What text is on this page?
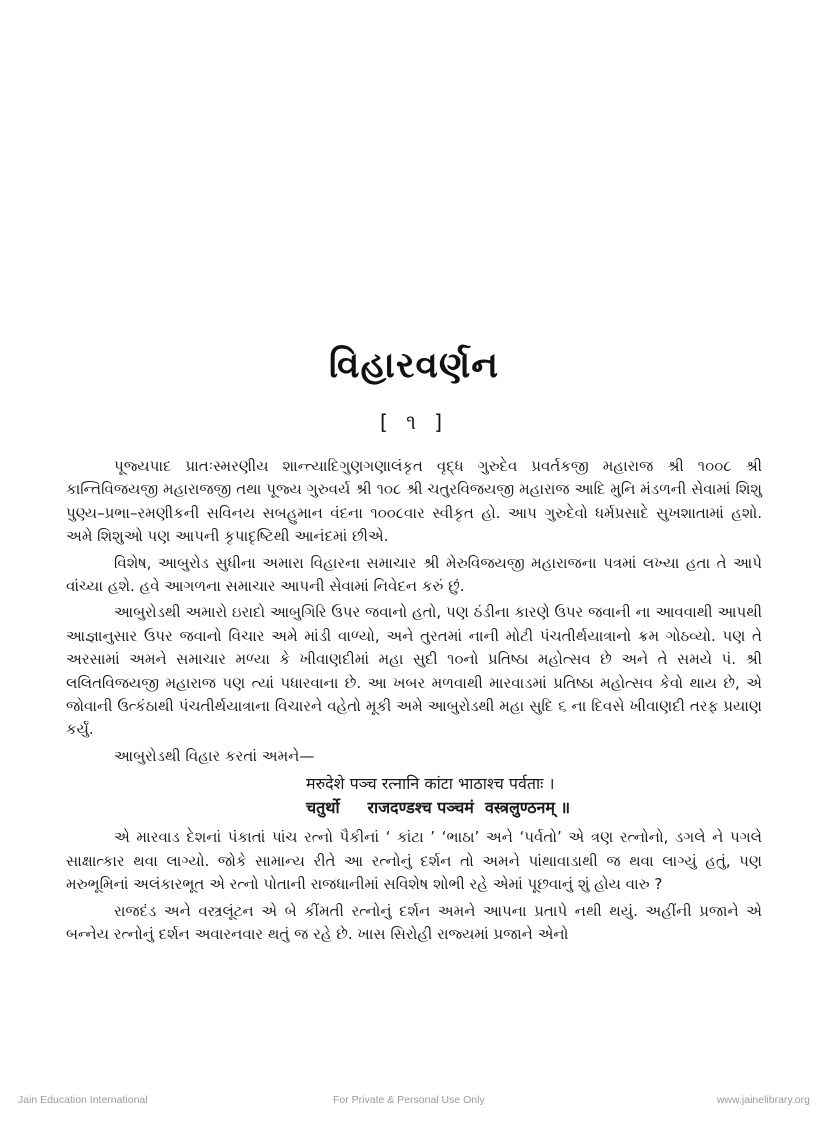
વિહારવર્ણન
[ ૧ ]

પૂજ્યપાદ પ્રાતઃસ્મરણીય શાન્ત્યાદિગુણગણાલંકૃત વૃદ્ધ ગુરુદેવ પ્રવર્તકજી મહારાજ શ્રી ૧૦૦૮ શ્રી કાન્તિવિજયજી મહારાજજી તથા પૂજ્ય ગુરુવર્ય શ્રી ૧૦૮ શ્રી ચતુરવિજયજી મહારાજ આદિ મુનિ મંડળની સેવામાં શિશુ પુણ્ય–પ્રભા–રમણીકની સવિનય સબહુમાન વંદના ૧૦૦૮વાર સ્વીકૃત હો. આપ ગુરુદેવો ધર્મપ્રસાદે સુખશાતામાં હશો. અમે શિશુઓ પણ આપની કૃપાદૃષ્ટિથી આનંદમાં છીએ.

વિશેષ, આબુરોડ સુધીના અમારા વિહારના સમાચાર શ્રી મેરુવિજયજી મહારાજના પત્રમાં લખ્યા હતા તે આપે વાંચ્યા હશે. હવે આગળના સમાચાર આપની સેવામાં નિવેદન કરું છું.

આબુરોડથી અમારો ઇરાદો આબુગિરિ ઉપર જવાનો હતો, પણ ઠંડીના કારણે ઉપર જવાની ના આવવાથી આપથી આજ્ઞાનુસાર ઉપર જવાનો વિચાર અમે માંડી વાળ્યો, અને તુરતમાં નાની મોટી પંચતીર્થયાત્રાનો ક્રમ ગોઠવ્યો. પણ તે અરસામાં અમને સમાચાર મળ્યા કે ખીવાણદીમાં મહા સુદી ૧૦નો પ્રતિષ્ઠા મહોત્સવ છે અને તે સમયે પં. શ્રી લલિતવિજયજી મહારાજ પણ ત્યાં પધારવાના છે. આ ખબર મળવાથી મારવાડમાં પ્રતિષ્ઠા મહોત્સવ કેવો થાય છે, એ જોવાની ઉત્કંઠાથી પંચતીર્થયાત્રાના વિચારને વહેતો મૂકી અમે આબુરોડથી મહા સુદિ ૬ ના દિવસે ખીવાણદી તરફ પ્રયાણ કર્યું.

આબુરોડથી વિહાર કરતાં અમને—

मरुदेशे पञ्च रत्नानि कांटा भाठाश्च पर्वताः ।
चतुर्थो     राजदण्डश्च पञ्चमं  वस्त्रलुण्ठनम् ॥

એ મારવાડ દેશનાં પંકાતાં પાંચ રત્નો પૈકીનાં ‘ કાંટા ’ ‘ભાઠા’ અને ‘પર્વતો’ એ ત્રણ રત્નોનો, ડગલે ને પગલે સાક્ષાત્કાર થવા લાગ્યો. જોકે સામાન્ય રીતે આ રત્નોનું દર્શન તો અમને પાંથાવાડાથી જ થવા લાગ્યું હતું, પણ મરુભૂમિનાં અલંકારભૂત એ રત્નો પોતાની રાજધાનીમાં સવિશેષ શોભી રહે એમાં પૂછવાનું શું હોય વારુ ?

રાજદંડ અને વસ્ત્રલૂંટન એ બે કીંમતી રત્નોનું દર્શન અમને આપના પ્રતાપે નથી થયું. અહીંની પ્રજાને એ બન્નેય રત્નોનું દર્શન અવારનવાર થતું જ રહે છે. ખાસ સિરોહી રાજ્યમાં પ્રજાને એનો

Jain Education International	For Private & Personal Use Only	www.jainelibrary.org
